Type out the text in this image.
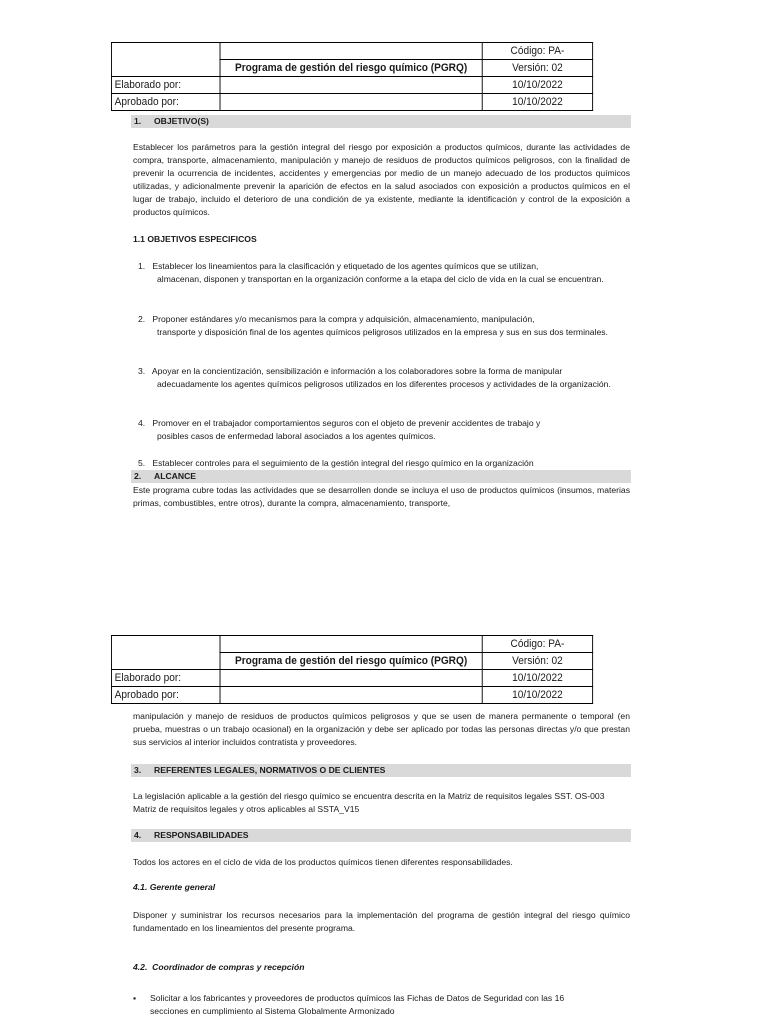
		Código: PA-
	Programa de gestión del riesgo químico (PGRQ)	Versión: 02
Elaborado por:		10/10/2022
Aprobado por:		10/10/2022
1. OBJETIVO(S)

Establecer los parámetros para la gestión integral del riesgo por exposición a productos químicos, durante las actividades de compra, transporte, almacenamiento, manipulación y manejo de residuos de productos químicos peligrosos, con la finalidad de prevenir la ocurrencia de incidentes, accidentes y emergencias por medio de un manejo adecuado de los productos químicos utilizadas, y adicionalmente prevenir la aparición de efectos en la salud asociados con exposición a productos químicos en el lugar de trabajo, incluido el deterioro de una condición de ya existente, mediante la identificación y control de la exposición a productos químicos.

1.1 OBJETIVOS ESPECIFICOS
1. Establecer los lineamientos para la clasificación y etiquetado de los agentes químicos que se utilizan,
almacenan, disponen y transportan en la organización conforme a la etapa del ciclo de vida en la cual se encuentran.
2. Proponer estándares y/o mecanismos para la compra y adquisición, almacenamiento, manipulación,
transporte y disposición final de los agentes químicos peligrosos utilizados en la empresa y sus en sus dos terminales.
3. Apoyar en la concientización, sensibilización e información a los colaboradores sobre la forma de manipular
adecuadamente los agentes químicos peligrosos utilizados en los diferentes procesos y actividades de la organización.
4. Promover en el trabajador comportamientos seguros con el objeto de prevenir accidentes de trabajo y
posibles casos de enfermedad laboral asociados a los agentes químicos.
5. Establecer controles para el seguimiento de la gestión integral del riesgo químico en la organización
2. ALCANCE

Este programa cubre todas las actividades que se desarrollen donde se incluya el uso de productos químicos (insumos, materias primas, combustibles, entre otros), durante la compra, almacenamiento, transporte,

		Código: PA-
	Programa de gestión del riesgo químico (PGRQ)	Versión: 02
Elaborado por:		10/10/2022
Aprobado por:		10/10/2022

manipulación y manejo de residuos de productos químicos peligrosos y que se usen de manera permanente o temporal (en prueba, muestras o un trabajo ocasional) en la organización y debe ser aplicado por todas las personas directas y/o que prestan sus servicios al interior incluidos contratista y proveedores.

3. REFERENTES LEGALES, NORMATIVOS O DE CLIENTES

La legislación aplicable a la gestión del riesgo químico se encuentra descrita en la Matriz de requisitos legales SST. OS-003 Matriz de requisitos legales y otros aplicables al SSTA_V15

4. RESPONSABILIDADES

Todos los actores en el ciclo de vida de los productos químicos tienen diferentes responsabilidades.

4.1. Gerente general

Disponer y suministrar los recursos necesarios para la implementación del programa de gestión integral del riesgo químico fundamentado en los lineamientos del presente programa.

4.2.  Coordinador de compras y recepción
▪ Solicitar a los fabricantes y proveedores de productos químicos las Fichas de Datos de Seguridad con las 16
secciones en cumplimiento al Sistema Globalmente Armonizado
